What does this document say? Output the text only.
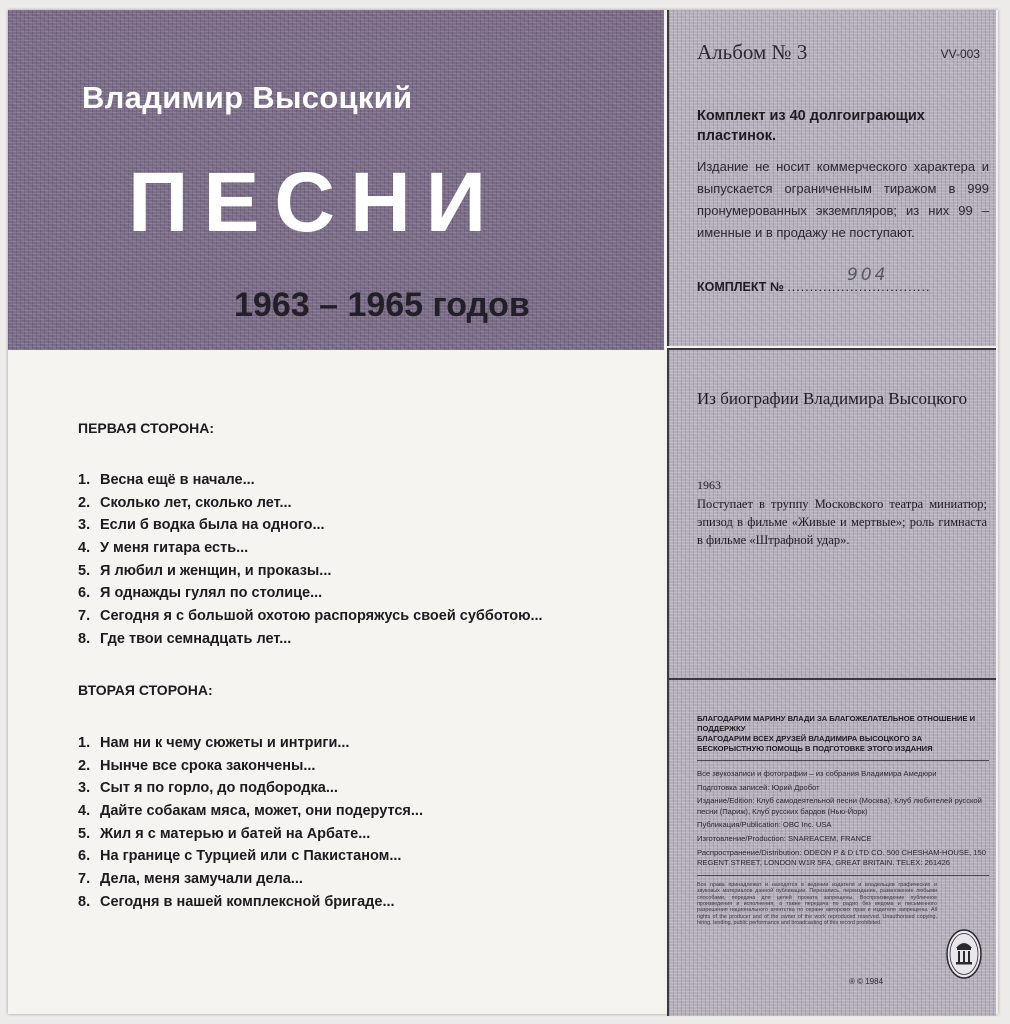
Владимир Высоцкий
ПЕСНИ
1963 – 1965 годов
ПЕРВАЯ СТОРОНА:
1. Весна ещё в начале...
2. Сколько лет, сколько лет...
3. Если б водка была на одного...
4. У меня гитара есть...
5. Я любил и женщин, и проказы...
6. Я однажды гулял по столице...
7. Сегодня я с большой охотою распоряжусь своей субботою...
8. Где твои семнадцать лет...
ВТОРАЯ СТОРОНА:
1. Нам ни к чему сюжеты и интриги...
2. Нынче все срока закончены...
3. Сыт я по горло, до подбородка...
4. Дайте собакам мяса, может, они подерутся...
5. Жил я с матерью и батей на Арбате...
6. На границе с Турцией или с Пакистаном...
7. Дела, меня замучали дела...
8. Сегодня в нашей комплексной бригаде...
Альбом № 3	VV-003
Комплект из 40 долгоиграющих пластинок.
Издание не носит коммерческого характера и выпускается ограниченным тиражом в 999 пронумерованных экземпляров; из них 99 – именные и в продажу не поступают.
КОМПЛЕКТ № ................................
904
Из биографии Владимира Высоцкого
1963
Поступает в труппу Московского театра миниатюр; эпизод в фильме «Живые и мертвые»; роль гимнаста в фильме «Штрафной удар».

БЛАГОДАРИМ МАРИНУ ВЛАДИ ЗА БЛАГОЖЕЛАТЕЛЬНОЕ ОТНОШЕНИЕ И ПОДДЕРЖКУ

БЛАГОДАРИМ ВСЕХ ДРУЗЕЙ ВЛАДИМИРА ВЫСОЦКОГО ЗА БЕСКОРЫСТНУЮ ПОМОЩЬ В ПОДГОТОВКЕ ЭТОГО ИЗДАНИЯ

Все звукозаписи и фотографии – из собрания Владимира Амедюри

Подготовка записей: Юрий Дробот

Издание/Edition: Клуб самодеятельной песни (Москва), Клуб любителей русской песни (Париж), Клуб русских бардов (Нью-Йорк)

Публикация/Publication: OBC Inc. USA

Изготовление/Production: SNAREACEM, FRANCE

Распространение/Distribution: ODEON P & D LTD CO. 500 CHESHAM-HOUSE, 150 REGENT STREET, LONDON W1R 5FA, GREAT BRITAIN. TELEX: 261426

Все права принадлежат и находятся в ведении издателя и владельцев графических и звуковых материалов данной публикации. Перезапись, переиздание, размножение любыми способами, передача для целей прокатa запрещены. Воспроизведение публичное произведения и исполнения, а также передача по радио без ведома и письменного разрешения национального агентства по охране авторских прав и издателя запрещены. All rights of the producer and of the owner of the work reproduced reserved. Unauthorised copying, hiring, lending, public performance and broadcasting of this record prohibited.

® © 1984
